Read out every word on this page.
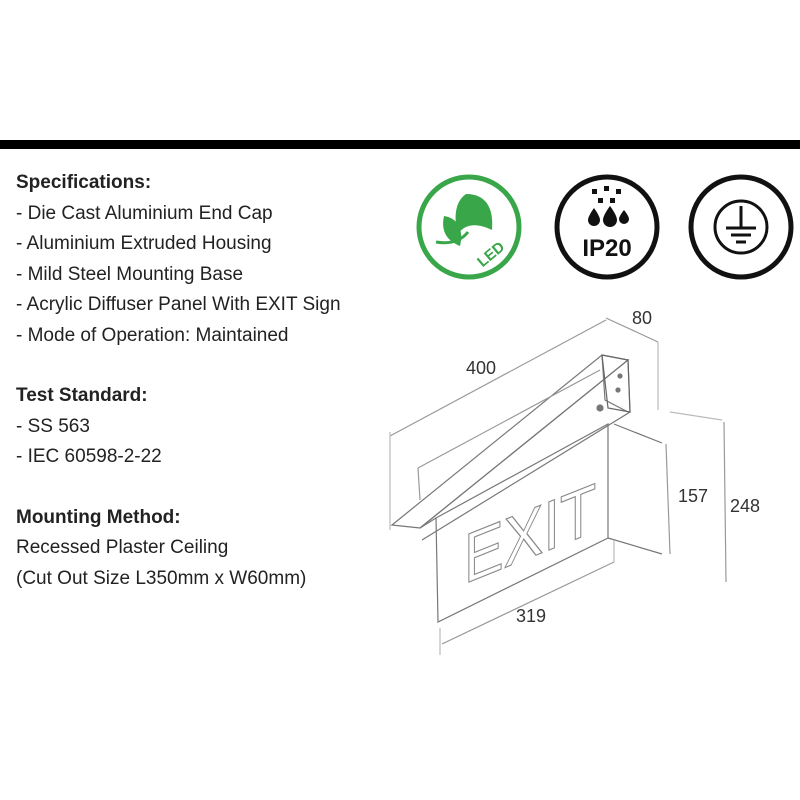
Specifications:
- Die Cast Aluminium End Cap
- Aluminium Extruded Housing
- Mild Steel Mounting Base
- Acrylic Diffuser Panel With EXIT Sign
- Mode of Operation: Maintained
Test Standard:
- SS 563
- IEC 60598-2-22
Mounting Method:
Recessed Plaster Ceiling
(Cut Out Size L350mm x W60mm)
LED	IP20
EXIT
80
400
157 248
319
